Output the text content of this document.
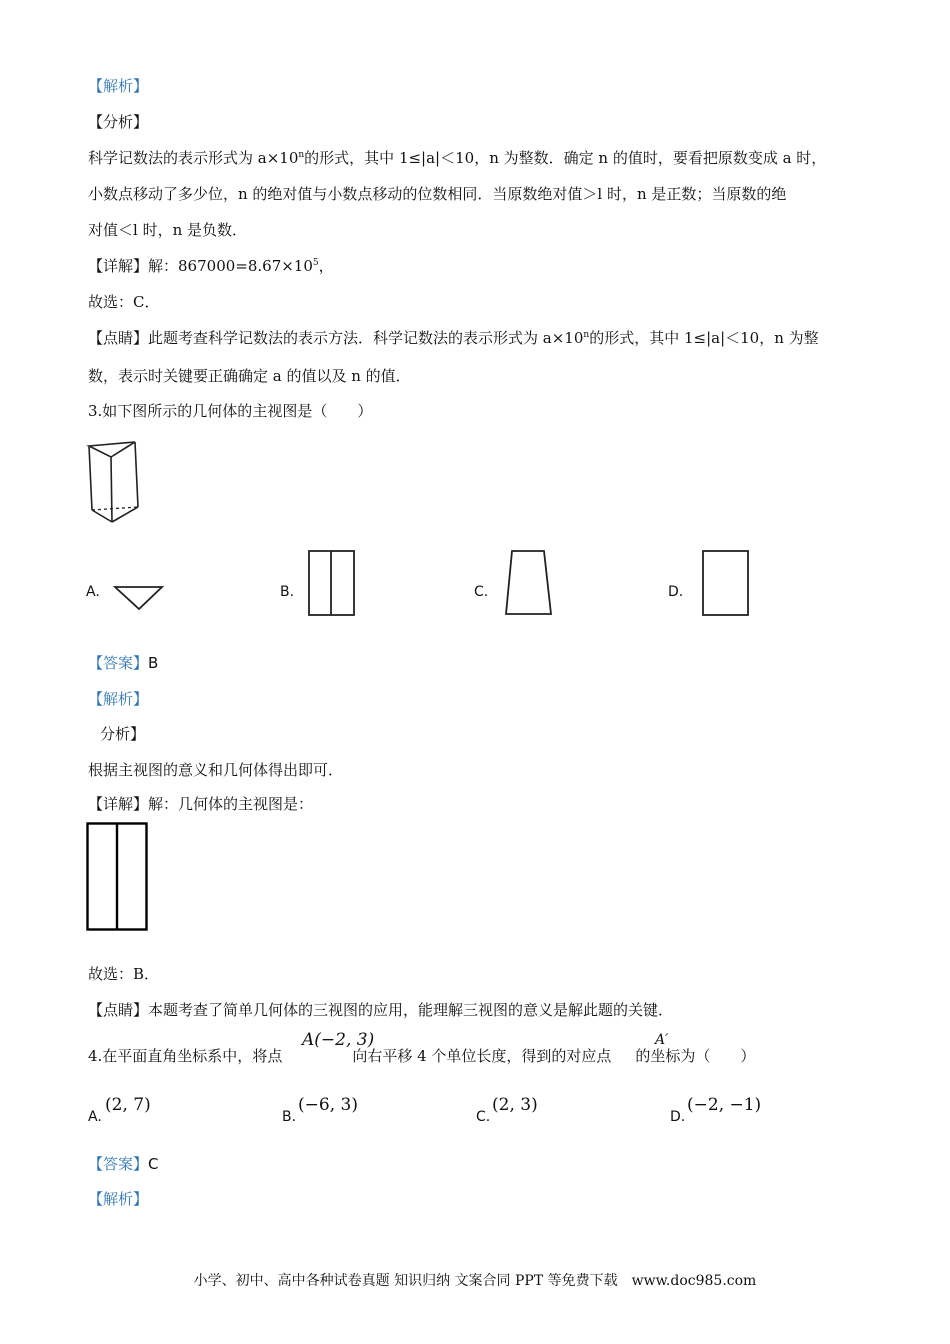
【解析】
【分析】
科学记数法的表示形式为 $a\times 10^n$的形式，其中 1≤|a|＜10，n 为整数．确定 n 的值时，要看把原数变成 a 时，
小数点移动了多少位，n 的绝对值与小数点移动的位数相同．当原数绝对值＞l 时，n 是正数；当原数的绝
对值＜l 时，n 是负数．
【详解】解：$867000=8.67\times 10^5$，
故选：C．
【点睛】此题考查科学记数法的表示方法．科学记数法的表示形式为 $a\times 10^n$的形式，其中 1≤|a|＜10，n 为整
数，表示时关键要正确确定 a 的值以及 n 的值．
3.如下图所示的几何体的主视图是（　　）
A.	B.	C.	D.
【答案】B
【解析】
分析】
根据主视图的意义和几何体得出即可．
【详解】解：几何体的主视图是：
故选：B．
【点睛】本题考查了简单几何体的三视图的应用，能理解三视图的意义是解此题的关键．
4.在平面直角坐标系中，将点	向右平移 4 个单位长度，得到的对应点 的坐标为（　　）
A(−2, 3)	A′
A.
(2, 7)
B.
(−6, 3)
C.
(2, 3)
D.
(−2, −1)
【答案】C
【解析】
小学、初中、高中各种试卷真题 知识归纳 文案合同 PPT 等免费下载　www.doc985.com
